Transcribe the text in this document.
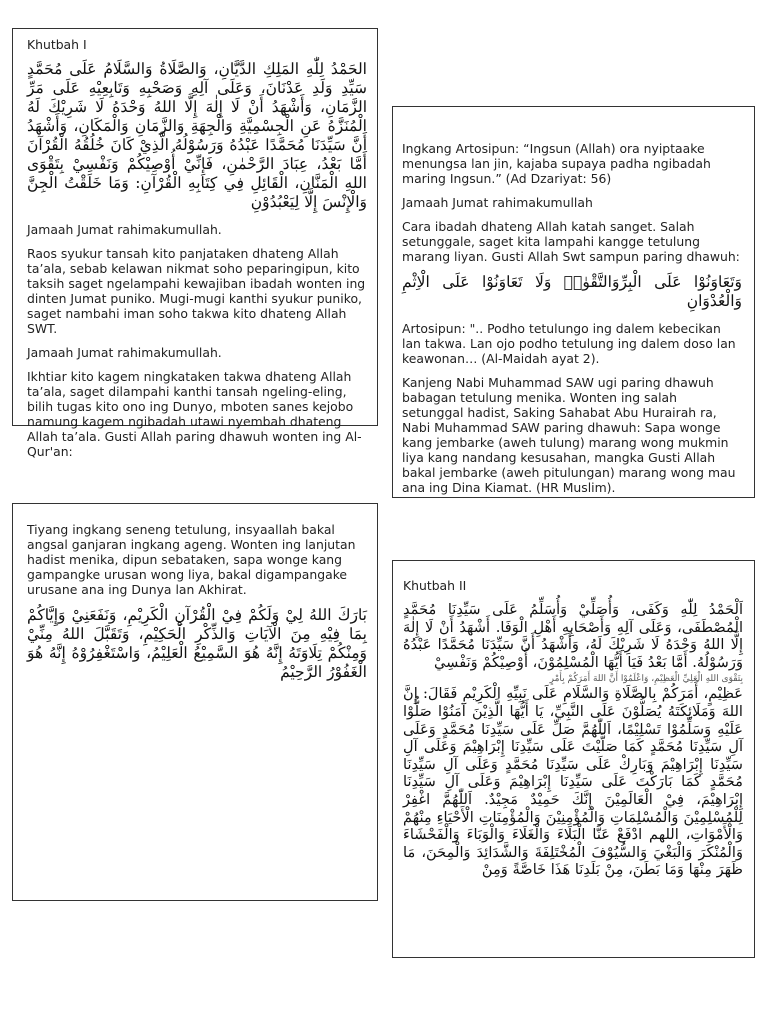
Khutbah I
الحَمْدُ لِلّٰهِ المَلِكِ الدَّيَّانِ، وَالصَّلَاةُ وَالسَّلَامُ عَلَى مُحَمَّدٍ سَيِّدِ وَلَدِ عَدْنَانَ، وَعَلَى آلِهِ وَصَحْبِهِ وَتَابِعِيْهِ عَلَى مَرِّ الزَّمَانِ، وَأَشْهَدُ أَنْ لَا إِلٰهَ إِلَّا اللهُ وَحْدَهُ لَا شَرِيْكَ لَهُ الْمُنَزَّهُ عَنِ الْجِسْمِيَّةِ وَالْجِهَةِ وَالزَّمَانِ وَالْمَكَانِ، وَأَشْهَدُ أَنَّ سَيِّدَنَا مُحَمَّدًا عَبْدُهُ وَرَسُوْلُهُ الَّذِيْ كَانَ خُلُقُهُ الْقُرْآنَ أَمَّا بَعْدُ، عِبَادَ الرَّحْمٰنِ، فَإِنِّيْ أُوْصِيْكُمْ وَنَفْسِيْ بِتَقْوَى اللهِ الْمَنَّانِ، الْقَائِلِ فِي كِتَابِهِ الْقُرْآنِ: وَمَا خَلَقْتُ الْجِنَّ وَالْإِنْسَ إِلَّا لِيَعْبُدُوْنِ
Jamaah Jumat rahimakumullah.
Raos syukur tansah kito panjataken dhateng Allah ta’ala, sebab kelawan nikmat soho peparingipun, kito taksih saget ngelampahi kewajiban ibadah wonten ing dinten Jumat puniko. Mugi-mugi kanthi syukur puniko, saget nambahi iman soho takwa kito dhateng Allah SWT.
Jamaah Jumat rahimakumullah.
Ikhtiar kito kagem ningkataken takwa dhateng Allah ta’ala, saget dilampahi kanthi tansah ngeling-eling, bilih tugas kito ono ing Dunyo, mboten sanes kejobo namung kagem ngibadah utawi nyembah dhateng Allah ta’ala. Gusti Allah paring dhawuh wonten ing Al-Qur'an:
Ingkang Artosipun: “Ingsun (Allah) ora nyiptaake menungsa lan jin, kajaba supaya padha ngibadah maring Ingsun.” (Ad Dzariyat: 56)
Jamaah Jumat rahimakumullah
Cara ibadah dhateng Allah katah sanget. Salah setunggale, saget kita lampahi kangge tetulung marang liyan. Gusti Allah Swt sampun paring dhawuh:
وَتَعَاوَنُوْا عَلَى الْبِرِّوَالتَّقْوٰىۖ وَلَا تَعَاوَنُوْا عَلَى الْاِثْمِ وَالْعُدْوَانِ
Artosipun: ".. Podho tetulungo ing dalem kebecikan lan takwa. Lan ojo podho tetulung ing dalem doso lan keawonan… (Al-Maidah ayat 2).
Kanjeng Nabi Muhammad SAW ugi paring dhawuh babagan tetulung menika. Wonten ing salah setunggal hadist, Saking Sahabat Abu Hurairah ra, Nabi Muhammad SAW paring dhawuh: Sapa wonge kang jembarke (aweh tulung) marang wong mukmin liya kang nandang kesusahan, mangka Gusti Allah bakal jembarke (aweh pitulungan) marang wong mau ana ing Dina Kiamat. (HR Muslim).
Tiyang ingkang seneng tetulung, insyaallah bakal angsal ganjaran ingkang ageng. Wonten ing lanjutan hadist menika, dipun sebataken, sapa wonge kang gampangke urusan wong liya, bakal digampangake urusane ana ing Dunya lan Akhirat.
بَارَكَ اللهُ لِيْ وَلَكُمْ فِيْ الْقُرْآنِ الْكَرِيْمِ، وَنَفَعَنِيْ وَإِيَّاكُمْ بِمَا فِيْهِ مِنَ الْآيَاتِ وَالذِّكْرِ الْحَكِيْمِ، وَتَقَبَّلَ اللهُ مِنِّيْ وَمِنْكُمْ تِلَاوَتَهُ إِنَّهُ هُوَ السَّمِيْعُ الْعَلِيْمُ، وَاسْتَغْفِرُوْهُ إِنَّهُ هُوَ الْغَفُوْرُ الرَّحِيْمُ
Khutbah II
اَلْحَمْدُ لِلّٰهِ وَكَفَى، وَأُصَلِّيْ وَأُسَلِّمُ عَلَى سَيِّدِنَا مُحَمَّدٍ الْمُصْطَفَى، وَعَلَى آلِهِ وَأَصْحَابِهِ أَهْلِ الْوَفَا. أَشْهَدُ أَنْ لَا إِلٰهَ إِلَّا اللهُ وَحْدَهُ لَا شَرِيْكَ لَهُ، وَأَشْهَدُ أَنَّ سَيِّدَنَا مُحَمَّدًا عَبْدُهُ وَرَسُوْلُهُ. أَمَّا بَعْدُ فَيَا أَيُّهَا الْمُسْلِمُوْنَ، أُوْصِيْكُمْ وَنَفْسِيْ
بِتَقْوَى اللهِ الْعَلِيِّ الْعَظِيْمِ، وَاعْلَمُوْا أَنَّ اللهَ أَمَرَكُمْ بِأَمْرٍ
عَظِيْمٍ، أَمَرَكُمْ بِالصَّلَاةِ وَالسَّلَامِ عَلَى نَبِيِّهِ الْكَرِيْمِ فَقَالَ: إِنَّ اللهَ وَمَلَائِكَتَهُ يُصَلُّوْنَ عَلَى النَّبِيِّ، يَا أَيُّهَا الَّذِيْنَ آمَنُوْا صَلُّوْا عَلَيْهِ وَسَلِّمُوْا تَسْلِيْمًا، اَللّٰهُمَّ صَلِّ عَلَى سَيِّدِنَا مُحَمَّدٍ وَعَلَى آلِ سَيِّدِنَا مُحَمَّدٍ كَمَا صَلَّيْتَ عَلَى سَيِّدِنَا إِبْرَاهِيْمَ وَعَلَى آلِ سَيِّدِنَا إِبْرَاهِيْمَ وَبَارِكْ عَلَى سَيِّدِنَا مُحَمَّدٍ وَعَلَى آلِ سَيِّدِنَا مُحَمَّدٍ كَمَا بَارَكْتَ عَلَى سَيِّدِنَا إِبْرَاهِيْمَ وَعَلَى آلِ سَيِّدِنَا إِبْرَاهِيْمَ، فِيْ الْعَالَمِيْنَ إِنَّكَ حَمِيْدٌ مَجِيْدٌ. اَللّٰهُمَّ اغْفِرْ لِلْمُسْلِمِيْنَ وَالْمُسْلِمَاتِ وَالْمُؤْمِنِيْنَ وَالْمُؤْمِنَاتِ الْأَحْيَاءِ مِنْهُمْ وَالْأَمْوَاتِ، اللهم ادْفَعْ عَنَّا الْبَلَاءَ وَالْغَلَاءَ وَالْوَبَاءَ وَالْفَحْشَاءَ وَالْمُنْكَرَ وَالْبَغْيَ وَالسُّيُوْفَ الْمُخْتَلِفَةَ وَالشَّدَائِدَ وَالْمِحَنَ، مَا ظَهَرَ مِنْهَا وَمَا بَطَنَ، مِنْ بَلَدِنَا هَذَا خَاصَّةً وَمِنْ
